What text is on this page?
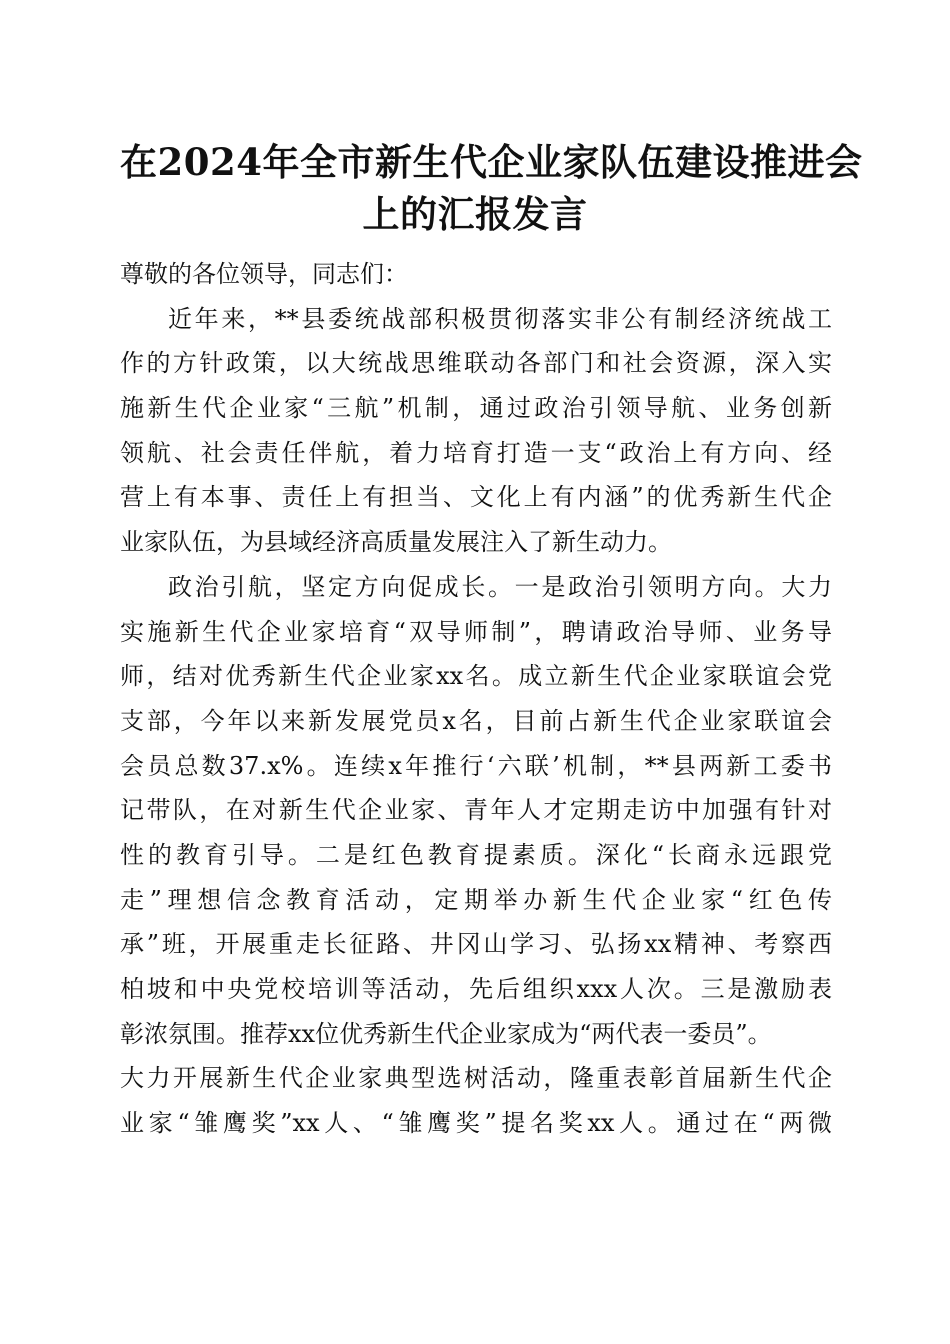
在2024年全市新生代企业家队伍建设推进会
上的汇报发言
尊敬的各位领导，同志们：
近年来，**县委统战部积极贯彻落实非公有制经济统战工
作的方针政策，以大统战思维联动各部门和社会资源，深入实
施新生代企业家“三航”机制，通过政治引领导航、业务创新
领航、社会责任伴航，着力培育打造一支“政治上有方向、经
营上有本事、责任上有担当、文化上有内涵”的优秀新生代企
业家队伍，为县域经济高质量发展注入了新生动力。
政治引航，坚定方向促成长。一是政治引领明方向。大力
实施新生代企业家培育“双导师制”，聘请政治导师、业务导
师，结对优秀新生代企业家xx名。成立新生代企业家联谊会党
支部，今年以来新发展党员x名，目前占新生代企业家联谊会
会员总数37.x%。连续x年推行‘六联’机制，**县两新工委书
记带队，在对新生代企业家、青年人才定期走访中加强有针对
性的教育引导。二是红色教育提素质。深化“长商永远跟党
走”理想信念教育活动，定期举办新生代企业家“红色传
承”班，开展重走长征路、井冈山学习、弘扬xx精神、考察西
柏坡和中央党校培训等活动，先后组织xxx人次。三是激励表
彰浓氛围。推荐xx位优秀新生代企业家成为“两代表一委员”。
大力开展新生代企业家典型选树活动，隆重表彰首届新生代企
业家“雏鹰奖”xx人、“雏鹰奖”提名奖xx人。通过在“两微
